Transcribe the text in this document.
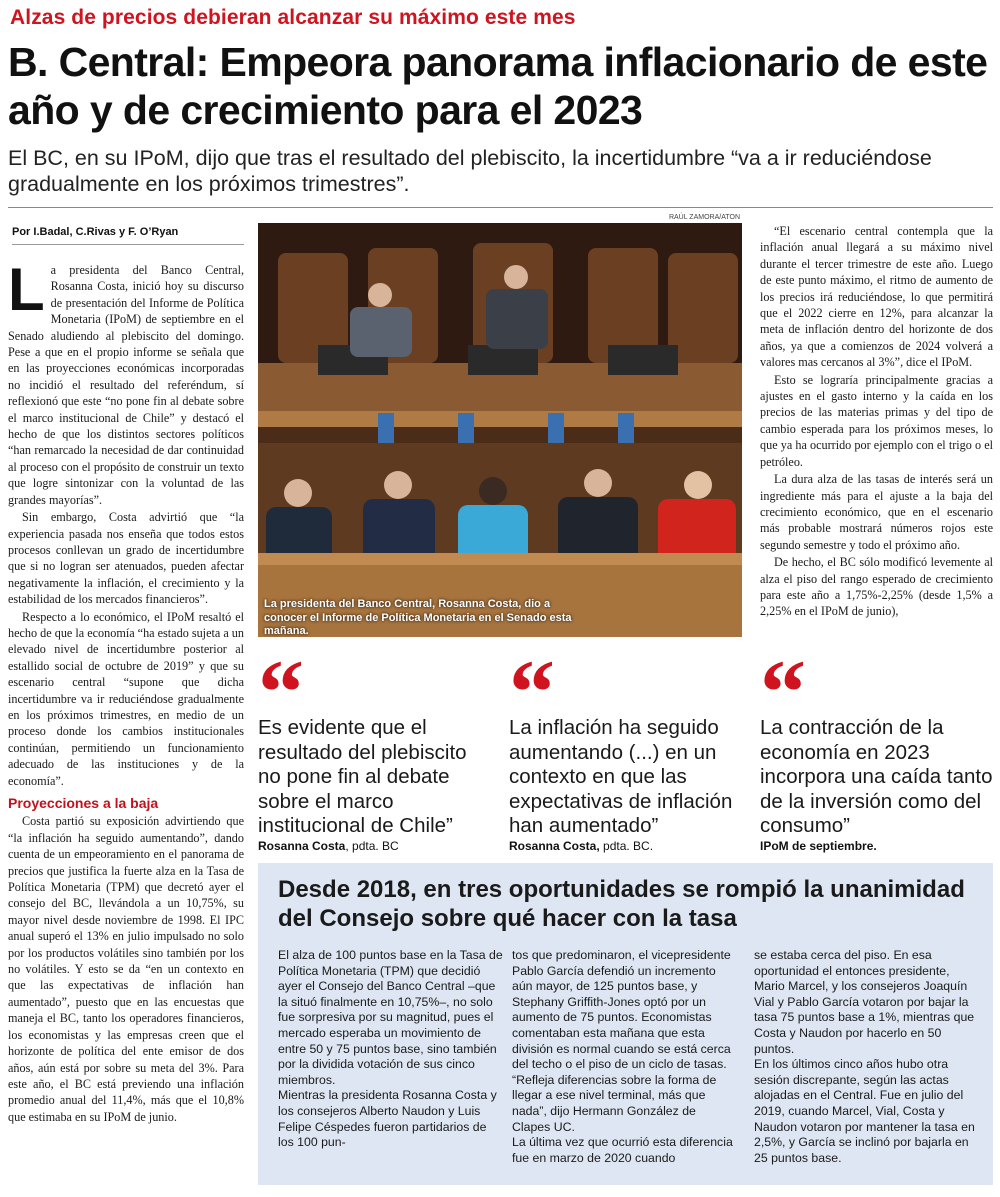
Alzas de precios debieran alcanzar su máximo este mes
B. Central: Empeora panorama inflacionario de este año y de crecimiento para el 2023

El BC, en su IPoM, dijo que tras el resultado del plebiscito, la incertidumbre “va a ir reduciéndose gradualmente en los próximos trimestres”.

Por I.Badal, C.Rivas y F. O’Ryan

La presidenta del Banco Central, Rosanna Costa, inició hoy su discurso de presentación del Informe de Política Monetaria (IPoM) de septiembre en el Senado aludiendo al plebiscito del domingo. Pese a que en el propio informe se señala que en las proyecciones económicas incorporadas no incidió el resultado del referéndum, sí reflexionó que este “no pone fin al debate sobre el marco institucional de Chile” y destacó el hecho de que los distintos sectores políticos “han remarcado la necesidad de dar continuidad al proceso con el propósito de construir un texto que logre sintonizar con la voluntad de las grandes mayorías”.

Sin embargo, Costa advirtió que “la experiencia pasada nos enseña que todos estos procesos conllevan un grado de incertidumbre que si no logran ser atenuados, pueden afectar negativamente la inflación, el crecimiento y la estabilidad de los mercados financieros”.

Respecto a lo económico, el IPoM resaltó el hecho de que la economía “ha estado sujeta a un elevado nivel de incertidumbre posterior al estallido social de octubre de 2019” y que su escenario central “supone que dicha incertidumbre va ir reduciéndose gradualmente en los próximos trimestres, en medio de un proceso donde los cambios institucionales continúan, permitiendo un funcionamiento adecuado de las instituciones y de la economía”.

Proyecciones a la baja

Costa partió su exposición advirtiendo que “la inflación ha seguido aumentando”, dando cuenta de un empeoramiento en el panorama de precios que justifica la fuerte alza en la Tasa de Política Monetaria (TPM) que decretó ayer el consejo del BC, llevándola a un 10,75%, su mayor nivel desde noviembre de 1998. El IPC anual superó el 13% en julio impulsado no solo por los productos volátiles sino también por los no volátiles. Y esto se da “en un contexto en que las expectativas de inflación han aumentado”, puesto que en las encuestas que maneja el BC, tanto los operadores financieros, los economistas y las empresas creen que el horizonte de política del ente emisor de dos años, aún está por sobre su meta del 3%. Para este año, el BC está previendo una inflación promedio anual del 11,4%, más que el 10,8% que estimaba en su IPoM de junio.

RAÚL ZAMORA/ATON
La presidenta del Banco Central, Rosanna Costa, dio a conocer el Informe de Política Monetaria en el Senado esta mañana.

“El escenario central contempla que la inflación anual llegará a su máximo nivel durante el tercer trimestre de este año. Luego de este punto máximo, el ritmo de aumento de los precios irá reduciéndose, lo que permitirá que el 2022 cierre en 12%, para alcanzar la meta de inflación dentro del horizonte de dos años, ya que a comienzos de 2024 volverá a valores mas cercanos al 3%”, dice el IPoM.

Esto se lograría principalmente gracias a ajustes en el gasto interno y la caída en los precios de las materias primas y del tipo de cambio esperada para los próximos meses, lo que ya ha ocurrido por ejemplo con el trigo o el petróleo.

La dura alza de las tasas de interés será un ingrediente más para el ajuste a la baja del crecimiento económico, que en el escenario más probable mostrará números rojos este segundo semestre y todo el próximo año.

De hecho, el BC sólo modificó levemente al alza el piso del rango esperado de crecimiento para este año a 1,75%-2,25% (desde 1,5% a 2,25% en el IPoM de junio),

“
Es evidente que el resultado del plebiscito no pone fin al debate sobre el marco institucional de Chile”
Rosanna Costa, pdta. BC
“
La inflación ha seguido aumentando (...) en un contexto en que las expectativas de inflación han aumentado”
Rosanna Costa, pdta. BC.
“
La contracción de la economía en 2023 incorpora una caída tanto de la inversión como del consumo”
IPoM de septiembre.
Desde 2018, en tres oportunidades se rompió la unanimidad del Consejo sobre qué hacer con la tasa

El alza de 100 puntos base en la Tasa de Política Monetaria (TPM) que decidió ayer el Consejo del Banco Central –que la situó finalmente en 10,75%–, no solo fue sorpresiva por su magnitud, pues el mercado esperaba un movimiento de entre 50 y 75 puntos base, sino también por la dividida votación de sus cinco miembros.

Mientras la presidenta Rosanna Costa y los consejeros Alberto Naudon y Luis Felipe Céspedes fueron partidarios de los 100 pun-

tos que predominaron, el vicepresidente Pablo García defendió un incremento aún mayor, de 125 puntos base, y Stephany Griffith-Jones optó por un aumento de 75 puntos. Economistas comentaban esta mañana que esta división es normal cuando se está cerca del techo o el piso de un ciclo de tasas. “Refleja diferencias sobre la forma de llegar a ese nivel terminal, más que nada”, dijo Hermann González de Clapes UC.

La última vez que ocurrió esta diferencia fue en marzo de 2020 cuando

se estaba cerca del piso. En esa oportunidad el entonces presidente, Mario Marcel, y los consejeros Joaquín Vial y Pablo García votaron por bajar la tasa 75 puntos base a 1%, mientras que Costa y Naudon por hacerlo en 50 puntos.

En los últimos cinco años hubo otra sesión discrepante, según las actas alojadas en el Central. Fue en julio del 2019, cuando Marcel, Vial, Costa y Naudon votaron por mantener la tasa en 2,5%, y García se inclinó por bajarla en 25 puntos base.
